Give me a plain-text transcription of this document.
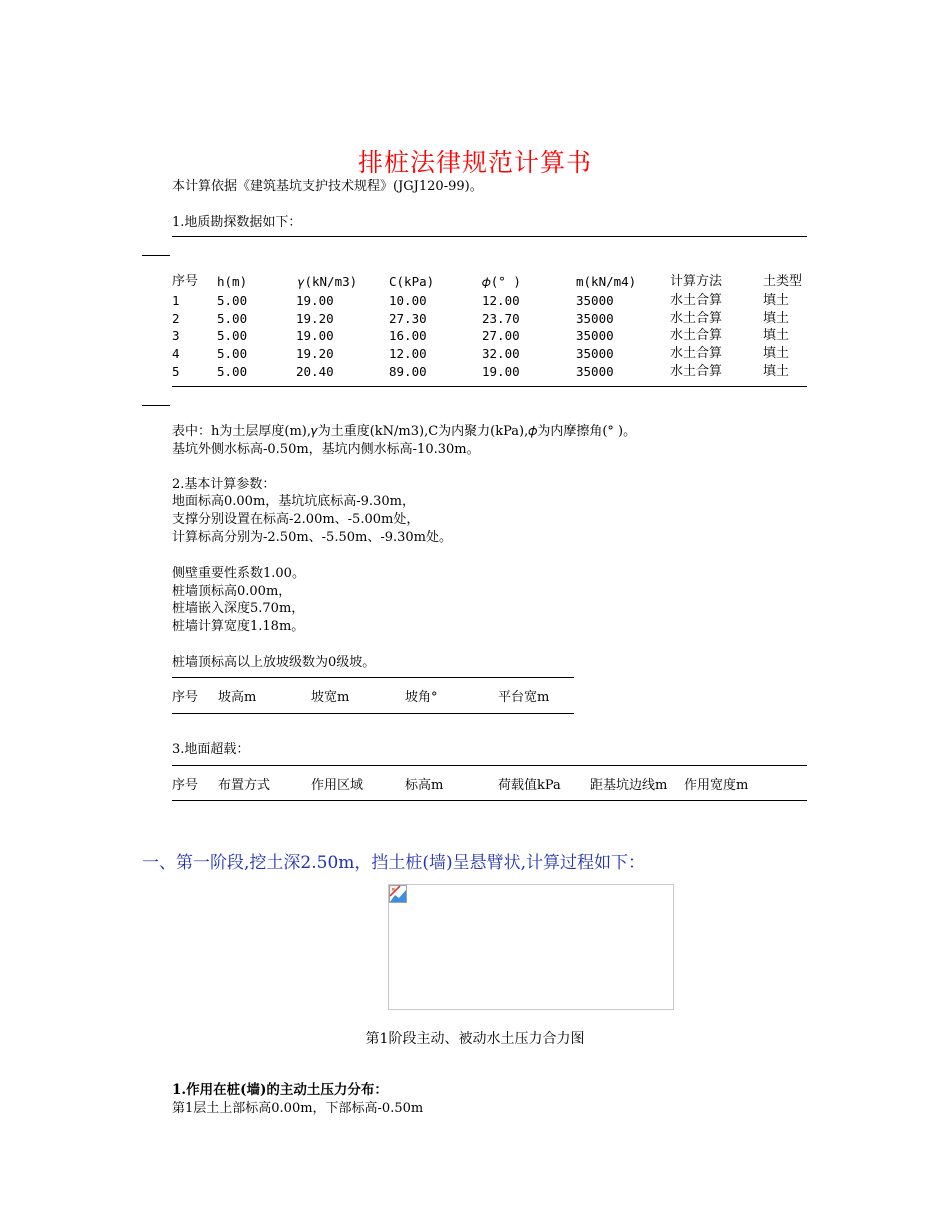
排桩法律规范计算书
本计算依据《建筑基坑支护技术规程》(JGJ120-99)。
1.地质勘探数据如下：
序号 h(m)	𝛾(kN/m3)	C(kPa)	𝜙(° )	m(kN/m4)	计算方法	土类型
1	5.00	19.00	10.00	12.00	35000	水土合算	填土
2	5.00	19.20	27.30	23.70	35000	水土合算	填土
3	5.00	19.00	16.00	27.00	35000	水土合算	填土
4	5.00	19.20	12.00	32.00	35000	水土合算	填土
5	5.00	20.40	89.00	19.00	35000	水土合算	填土
表中：h为土层厚度(m),𝛾为土重度(kN/m3),C为内聚力(kPa),𝜙为内摩擦角(° )。
基坑外侧水标高-0.50m，基坑内侧水标高-10.30m。
2.基本计算参数：
地面标高0.00m，基坑坑底标高-9.30m，
支撑分别设置在标高-2.00m、-5.00m处，
计算标高分别为-2.50m、-5.50m、-9.30m处。
侧壁重要性系数1.00。
桩墙顶标高0.00m，
桩墙嵌入深度5.70m，
桩墙计算宽度1.18m。
桩墙顶标高以上放坡级数为0级坡。
序号 坡高m	坡宽m	坡角°	平台宽m
3.地面超载：
序号 布置方式	作用区域	标高m	荷载值kPa 距基坑边线m 作用宽度m
一、第一阶段,挖土深2.50m，挡土桩(墙)呈悬臂状,计算过程如下：
第1阶段主动、被动水土压力合力图
1.作用在桩(墙)的主动土压力分布：
第1层土上部标高0.00m，下部标高-0.50m
